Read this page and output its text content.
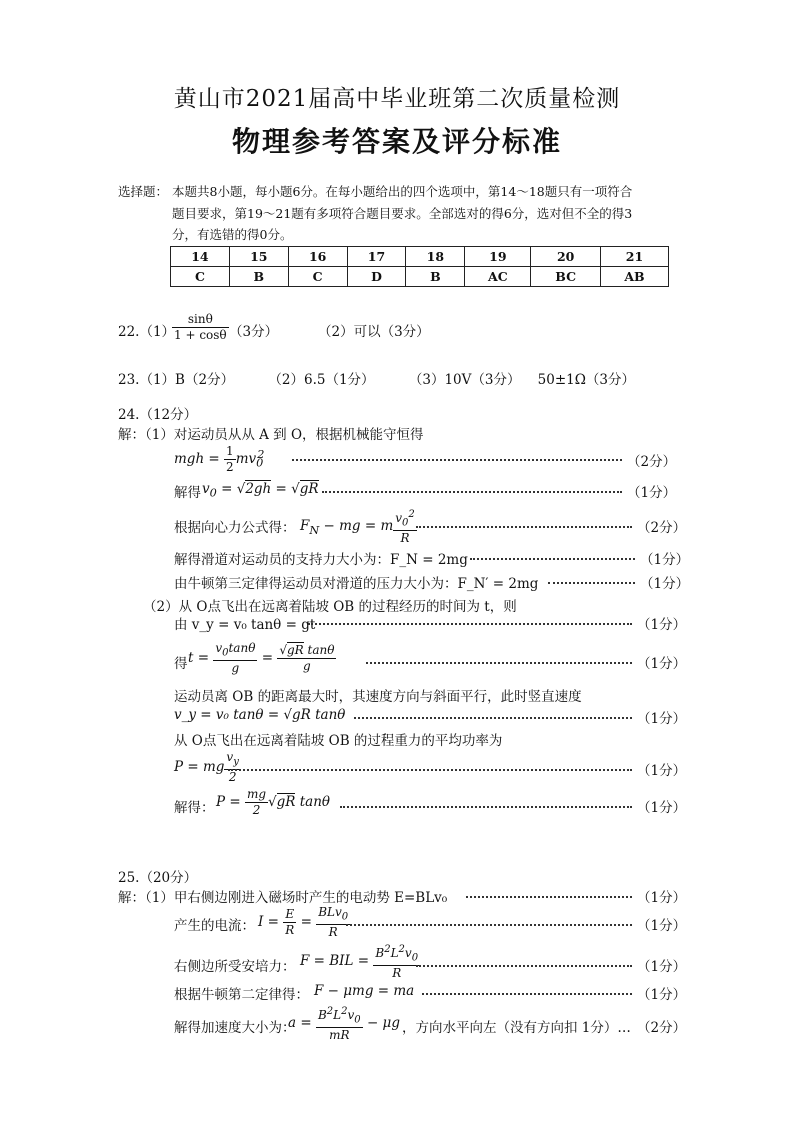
黄山市2021届高中毕业班第二次质量检测
物理参考答案及评分标准
选择题： 本题共8小题，每小题6分。在每小题给出的四个选项中，第14～18题只有一项符合
题目要求，第19～21题有多项符合题目要求。全部选对的得6分，选对但不全的得3
分，有选错的得0分。
14	15	16	17	18	19	20	21
C	B	C	D	B	AC	BC	AB
22.（1）
$\frac{\sin\theta}{1 + \cos\theta} (3$分）	（2）可以（3分）
23.（1）B（2分）        （2）6.5（1分）        （3）10V（3分）    50±1Ω（3分）
24.（12分）
解：（1）对运动员从从 A 到 O，根据机械能守恒得
mgh = $\frac{1}{2} mv_0^2$	（2分）
解得 $v_0 = √2gh = √gR$	（1分）
根据向心力公式得： $F_N$ − mg = m $\frac{v_0^2}{R}$	（2分）
解得滑道对运动员的支持力大小为：F_N = 2mg	（1分）
由牛顿第三定律得运动员对滑道的压力大小为：F_N′ = 2mg	（1分）
（2）从 O点飞出在远离着陆坡 OB 的过程经历的时间为 t，则
由 v_y = v₀ tanθ = gt	（1分）
得 $t = \frac{v_0\tan\theta}{g} = \frac{\text{√gR tanθ}}{g}$	（1分）
运动员离 OB 的距离最大时，其速度方向与斜面平行，此时竖直速度
v_y = v₀ tanθ = √gR tanθ	（1分）
从 O点飞出在远离着陆坡 OB 的过程重力的平均功率为
P = mg $\frac{v_y}{2}$	（1分）
解得： $P = \frac{mg}{2} √gR$ tanθ	（1分）
25.（20分）
解：（1）甲右侧边刚进入磁场时产生的电动势 E=BLv₀	（1分）
产生的电流： $I = \frac{E}{R} = \frac{BLv_0}{R}$	（1分）
右侧边所受安培力： F = BIL = $\frac{B^2L^2v_0}{R}$	（1分）
根据牛顿第二定律得： F − μmg = ma	（1分）
解得加速度大小为：
$a = \frac{B^2L^2v_0}{mR} - \mu g$ ，方向水平向左（没有方向扣 1分）… （2分）
